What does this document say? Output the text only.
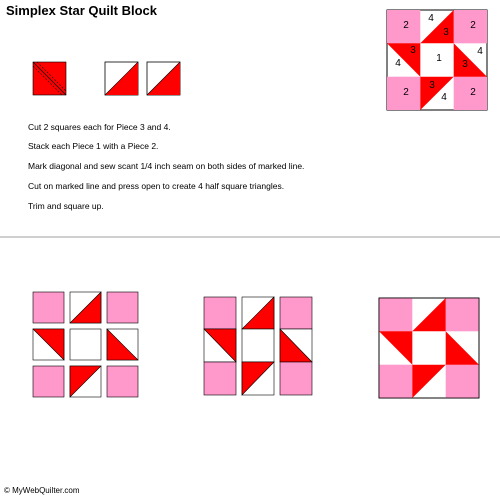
Simplex Star Quilt Block
2
4
2
3
3
4	1
4
3
2
3
4	2
Cut 2 squares each for Piece 3 and 4.
Stack each Piece 1 with a Piece 2.
Mark diagonal and sew scant 1/4 inch seam on both sides of marked line.
Cut on marked line and press open to create 4 half square triangles.
Trim and square up.
© MyWebQuilter.com
